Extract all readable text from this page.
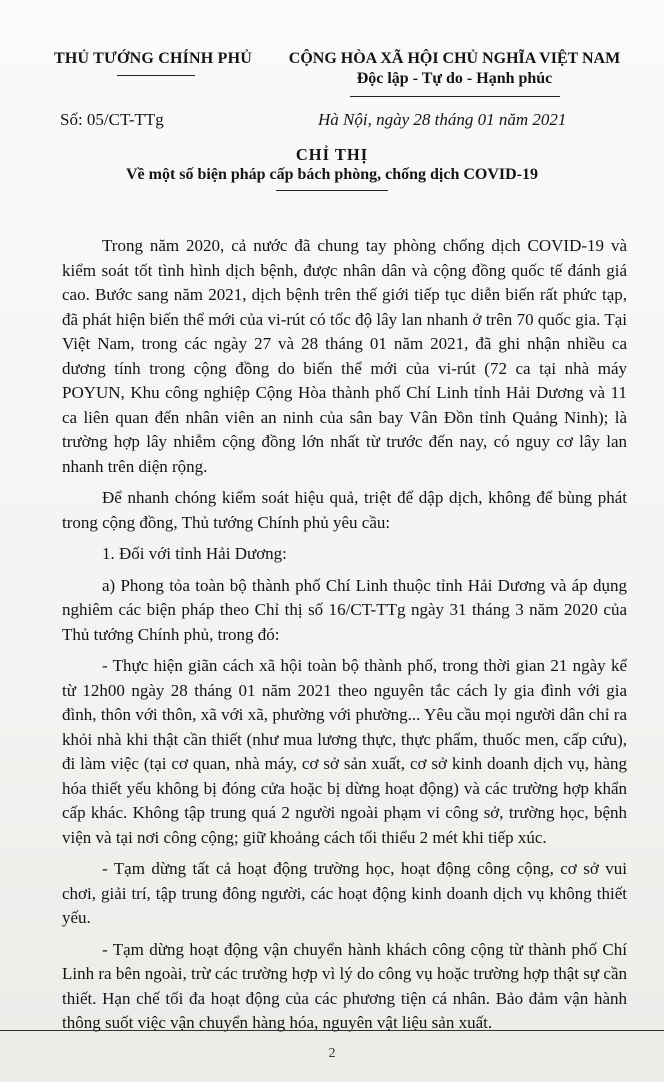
THỦ TƯỚNG CHÍNH PHỦ	CỘNG HÒA XÃ HỘI CHỦ NGHĨA VIỆT NAM
Độc lập - Tự do - Hạnh phúc
Số: 05/CT-TTg	Hà Nội, ngày 28 tháng 01 năm 2021
CHỈ THỊ
Về một số biện pháp cấp bách phòng, chống dịch COVID-19

Trong năm 2020, cả nước đã chung tay phòng chống dịch COVID-19 và kiểm soát tốt tình hình dịch bệnh, được nhân dân và cộng đồng quốc tế đánh giá cao. Bước sang năm 2021, dịch bệnh trên thế giới tiếp tục diễn biến rất phức tạp, đã phát hiện biến thể mới của vi-rút có tốc độ lây lan nhanh ở trên 70 quốc gia. Tại Việt Nam, trong các ngày 27 và 28 tháng 01 năm 2021, đã ghi nhận nhiều ca dương tính trong cộng đồng do biến thể mới của vi-rút (72 ca tại nhà máy POYUN, Khu công nghiệp Cộng Hòa thành phố Chí Linh tỉnh Hải Dương và 11 ca liên quan đến nhân viên an ninh của sân bay Vân Đồn tỉnh Quảng Ninh); là trường hợp lây nhiễm cộng đồng lớn nhất từ trước đến nay, có nguy cơ lây lan nhanh trên diện rộng.

Để nhanh chóng kiểm soát hiệu quả, triệt để dập dịch, không để bùng phát trong cộng đồng, Thủ tướng Chính phủ yêu cầu:

1. Đối với tỉnh Hải Dương:

a) Phong tỏa toàn bộ thành phố Chí Linh thuộc tỉnh Hải Dương và áp dụng nghiêm các biện pháp theo Chỉ thị số 16/CT-TTg ngày 31 tháng 3 năm 2020 của Thủ tướng Chính phủ, trong đó:

- Thực hiện giãn cách xã hội toàn bộ thành phố, trong thời gian 21 ngày kể từ 12h00 ngày 28 tháng 01 năm 2021 theo nguyên tắc cách ly gia đình với gia đình, thôn với thôn, xã với xã, phường với phường... Yêu cầu mọi người dân chỉ ra khỏi nhà khi thật cần thiết (như mua lương thực, thực phẩm, thuốc men, cấp cứu), đi làm việc (tại cơ quan, nhà máy, cơ sở sản xuất, cơ sở kinh doanh dịch vụ, hàng hóa thiết yếu không bị đóng cửa hoặc bị dừng hoạt động) và các trường hợp khẩn cấp khác. Không tập trung quá 2 người ngoài phạm vi công sở, trường học, bệnh viện và tại nơi công cộng; giữ khoảng cách tối thiểu 2 mét khi tiếp xúc.

- Tạm dừng tất cả hoạt động trường học, hoạt động công cộng, cơ sở vui chơi, giải trí, tập trung đông người, các hoạt động kinh doanh dịch vụ không thiết yếu.

- Tạm dừng hoạt động vận chuyển hành khách công cộng từ thành phố Chí Linh ra bên ngoài, trừ các trường hợp vì lý do công vụ hoặc trường hợp thật sự cần thiết. Hạn chế tối đa hoạt động của các phương tiện cá nhân. Bảo đảm vận hành thông suốt việc vận chuyển hàng hóa, nguyên vật liệu sản xuất.

2
